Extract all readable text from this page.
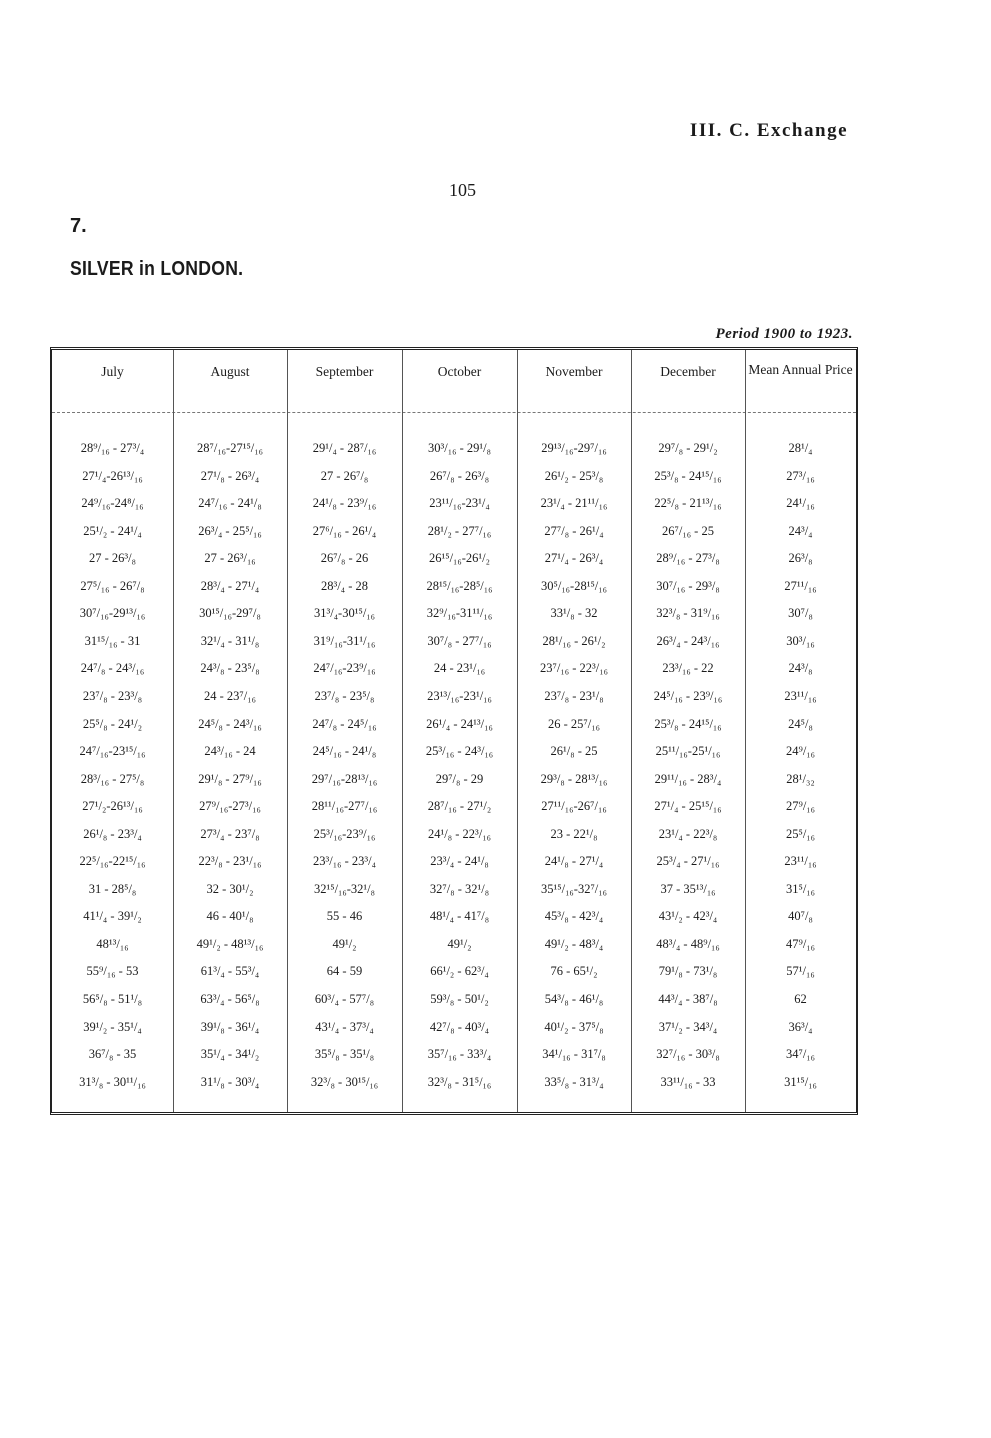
III. C. Exchange
105
7.
SILVER in LONDON.
Period 1900 to 1923.
July	August	September	October	November	December	Mean Annual Price
28⁹/₁₆ - 27³/₄	28⁷/₁₆-27¹⁵/₁₆	29¹/₄ - 28⁷/₁₆	30³/₁₆ - 29¹/₈	29¹³/₁₆-29⁷/₁₆	29⁷/₈ - 29¹/₂	28¹/₄
27¹/₄-26¹³/₁₆	27¹/₈ - 26³/₄	27 - 26⁷/₈	26⁷/₈ - 26³/₈	26¹/₂ - 25³/₈	25³/₈ - 24¹⁵/₁₆	27³/₁₆
24⁹/₁₆-24⁸/₁₆	24⁷/₁₆ - 24¹/₈	24¹/₈ - 23⁹/₁₆	23¹¹/₁₆-23¹/₄	23¹/₄ - 21¹¹/₁₆	22⁵/₈ - 21¹³/₁₆	24¹/₁₆
25¹/₂ - 24¹/₄	26³/₄ - 25⁵/₁₆	27⁶/₁₆ - 26¹/₄	28¹/₂ - 27⁷/₁₆	27⁷/₈ - 26¹/₄	26⁷/₁₆ - 25	24³/₄
27 - 26³/₈	27 - 26³/₁₆	26⁷/₈ - 26	26¹⁵/₁₆-26¹/₂	27¹/₄ - 26³/₄	28⁹/₁₆ - 27³/₈	26³/₈
27⁵/₁₆ - 26⁷/₈	28³/₄ - 27¹/₄	28³/₄ - 28	28¹⁵/₁₆-28⁵/₁₆	30⁵/₁₆-28¹⁵/₁₆	30⁷/₁₆ - 29³/₈	27¹¹/₁₆
30⁷/₁₆-29¹³/₁₆	30¹⁵/₁₆-29⁷/₈	31³/₄-30¹⁵/₁₆	32⁹/₁₆-31¹¹/₁₆	33¹/₈ - 32	32³/₈ - 31⁹/₁₆	30⁷/₈
31¹⁵/₁₆ - 31	32¹/₄ - 31¹/₈	31⁹/₁₆-31¹/₁₆	30⁷/₈ - 27⁷/₁₆	28¹/₁₆ - 26¹/₂	26³/₄ - 24³/₁₆	30³/₁₆
24⁷/₈ - 24³/₁₆	24³/₈ - 23⁵/₈	24⁷/₁₆-23⁹/₁₆	24 - 23¹/₁₆	23⁷/₁₆ - 22³/₁₆	23³/₁₆ - 22	24³/₈
23⁷/₈ - 23³/₈	24 - 23⁷/₁₆	23⁷/₈ - 23⁵/₈	23¹³/₁₆-23¹/₁₆	23⁷/₈ - 23¹/₈	24⁵/₁₆ - 23⁹/₁₆	23¹¹/₁₆
25⁵/₈ - 24¹/₂	24⁵/₈ - 24³/₁₆	24⁷/₈ - 24⁵/₁₆	26¹/₄ - 24¹³/₁₆	26 - 25⁷/₁₆	25³/₈ - 24¹⁵/₁₆	24⁵/₈
24⁷/₁₆-23¹⁵/₁₆	24³/₁₆ - 24	24⁵/₁₆ - 24¹/₈	25³/₁₆ - 24³/₁₆	26¹/₈ - 25	25¹¹/₁₆-25¹/₁₆	24⁹/₁₆
28³/₁₆ - 27⁵/₈	29¹/₈ - 27⁹/₁₆	29⁷/₁₆-28¹³/₁₆	29⁷/₈ - 29	29³/₈ - 28¹³/₁₆	29¹¹/₁₆ - 28³/₄	28¹/₃₂
27¹/₂-26¹³/₁₆	27⁹/₁₆-27³/₁₆	28¹¹/₁₆-27⁷/₁₆	28⁷/₁₆ - 27¹/₂	27¹¹/₁₆-26⁷/₁₆	27¹/₄ - 25¹⁵/₁₆	27⁹/₁₆
26¹/₈ - 23³/₄	27³/₄ - 23⁷/₈	25³/₁₆-23⁹/₁₆	24¹/₈ - 22³/₁₆	23 - 22¹/₈	23¹/₄ - 22³/₈	25⁵/₁₆
22⁵/₁₆-22¹⁵/₁₆	22³/₈ - 23¹/₁₆	23³/₁₆ - 23³/₄	23³/₄ - 24¹/₈	24¹/₈ - 27¹/₄	25³/₄ - 27¹/₁₆	23¹¹/₁₆
31 - 28⁵/₈	32 - 30¹/₂	32¹⁵/₁₆-32¹/₈	32⁷/₈ - 32¹/₈	35¹⁵/₁₆-32⁷/₁₆	37 - 35¹³/₁₆	31⁵/₁₆
41¹/₄ - 39¹/₂	46 - 40¹/₈	55 - 46	48¹/₄ - 41⁷/₈	45³/₈ - 42³/₄	43¹/₂ - 42³/₄	40⁷/₈
48¹³/₁₆	49¹/₂ - 48¹³/₁₆	49¹/₂	49¹/₂	49¹/₂ - 48³/₄	48³/₄ - 48⁹/₁₆	47⁹/₁₆
55⁹/₁₆ - 53	61³/₄ - 55³/₄	64 - 59	66¹/₂ - 62³/₄	76 - 65¹/₂	79¹/₈ - 73¹/₈	57¹/₁₆
56⁵/₈ - 51¹/₈	63³/₄ - 56⁵/₈	60³/₄ - 57⁷/₈	59³/₈ - 50¹/₂	54³/₈ - 46¹/₈	44³/₄ - 38⁷/₈	62
39¹/₂ - 35¹/₄	39¹/₈ - 36¹/₄	43¹/₄ - 37³/₄	42⁷/₈ - 40³/₄	40¹/₂ - 37⁵/₈	37¹/₂ - 34³/₄	36³/₄
36⁷/₈ - 35	35¹/₄ - 34¹/₂	35⁵/₈ - 35¹/₈	35⁷/₁₆ - 33³/₄	34¹/₁₆ - 31⁷/₈	32⁷/₁₆ - 30³/₈	34⁷/₁₆
31³/₈ - 30¹¹/₁₆	31¹/₈ - 30³/₄	32³/₈ - 30¹⁵/₁₆	32³/₈ - 31⁵/₁₆	33⁵/₈ - 31³/₄	33¹¹/₁₆ - 33	31¹⁵/₁₆
